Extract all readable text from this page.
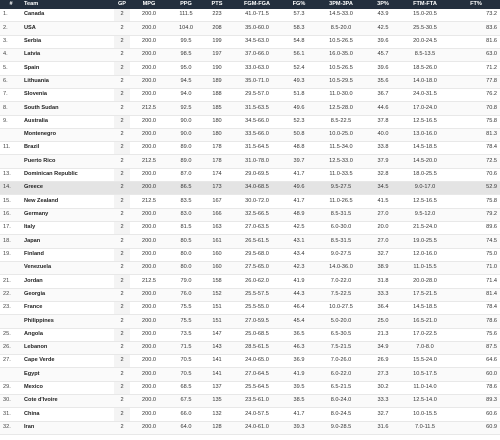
#	Team	GP	MPG	PPG	PTS	FGM-FGA	FG%	3PM-3PA	3P%	FTM-FTA	FT%
1.	Canada	2	200.0	111.5	223	41.0-71.5	57.3	14.5-33.0	43.9	15.0-20.5	73.2
2.	USA	2	200.0	104.0	208	35.0-60.0	58.3	8.5-20.0	42.5	25.5-30.5	83.6
3.	Serbia	2	200.0	99.5	199	34.5-63.0	54.8	10.5-26.5	39.6	20.0-24.5	81.6
4.	Latvia	2	200.0	98.5	197	37.0-66.0	56.1	16.0-35.0	45.7	8.5-13.5	63.0
5.	Spain	2	200.0	95.0	190	33.0-63.0	52.4	10.5-26.5	39.6	18.5-26.0	71.2
6.	Lithuania	2	200.0	94.5	189	35.0-71.0	49.3	10.5-29.5	35.6	14.0-18.0	77.8
7.	Slovenia	2	200.0	94.0	188	29.5-57.0	51.8	11.0-30.0	36.7	24.0-31.5	76.2
8.	South Sudan	2	212.5	92.5	185	31.5-63.5	49.6	12.5-28.0	44.6	17.0-24.0	70.8
9.	Australia	2	200.0	90.0	180	34.5-66.0	52.3	8.5-22.5	37.8	12.5-16.5	75.8
	Montenegro	2	200.0	90.0	180	33.5-66.0	50.8	10.0-25.0	40.0	13.0-16.0	81.3
11.	Brazil	2	200.0	89.0	178	31.5-64.5	48.8	11.5-34.0	33.8	14.5-18.5	78.4
	Puerto Rico	2	212.5	89.0	178	31.0-78.0	39.7	12.5-33.0	37.9	14.5-20.0	72.5
13.	Dominican Republic	2	200.0	87.0	174	29.0-69.5	41.7	11.0-33.5	32.8	18.0-25.5	70.6
14.	Greece	2	200.0	86.5	173	34.0-68.5	49.6	9.5-27.5	34.5	9.0-17.0	52.9
15.	New Zealand	2	212.5	83.5	167	30.0-72.0	41.7	11.0-26.5	41.5	12.5-16.5	75.8
16.	Germany	2	200.0	83.0	166	32.5-66.5	48.9	8.5-31.5	27.0	9.5-12.0	79.2
17.	Italy	2	200.0	81.5	163	27.0-63.5	42.5	6.0-30.0	20.0	21.5-24.0	89.6
18.	Japan	2	200.0	80.5	161	26.5-61.5	43.1	8.5-31.5	27.0	19.0-25.5	74.5
19.	Finland	2	200.0	80.0	160	29.5-68.0	43.4	9.0-27.5	32.7	12.0-16.0	75.0
	Venezuela	2	200.0	80.0	160	27.5-65.0	42.3	14.0-36.0	38.9	11.0-15.5	71.0
21.	Jordan	2	212.5	79.0	158	26.0-62.0	41.9	7.0-22.0	31.8	20.0-28.0	71.4
22.	Georgia	2	200.0	76.0	152	25.5-57.5	44.3	7.5-22.5	33.3	17.5-21.5	81.4
23.	France	2	200.0	75.5	151	25.5-55.0	46.4	10.0-27.5	36.4	14.5-18.5	78.4
	Philippines	2	200.0	75.5	151	27.0-59.5	45.4	5.0-20.0	25.0	16.5-21.0	78.6
25.	Angola	2	200.0	73.5	147	25.0-68.5	36.5	6.5-30.5	21.3	17.0-22.5	75.6
26.	Lebanon	2	200.0	71.5	143	28.5-61.5	46.3	7.5-21.5	34.9	7.0-8.0	87.5
27.	Cape Verde	2	200.0	70.5	141	24.0-65.0	36.9	7.0-26.0	26.9	15.5-24.0	64.6
	Egypt	2	200.0	70.5	141	27.0-64.5	41.9	6.0-22.0	27.3	10.5-17.5	60.0
29.	Mexico	2	200.0	68.5	137	25.5-64.5	39.5	6.5-21.5	30.2	11.0-14.0	78.6
30.	Cote d'Ivoire	2	200.0	67.5	135	23.5-61.0	38.5	8.0-24.0	33.3	12.5-14.0	89.3
31.	China	2	200.0	66.0	132	24.0-57.5	41.7	8.0-24.5	32.7	10.0-15.5	60.6
32.	Iran	2	200.0	64.0	128	24.0-61.0	39.3	9.0-28.5	31.6	7.0-11.5	60.9
